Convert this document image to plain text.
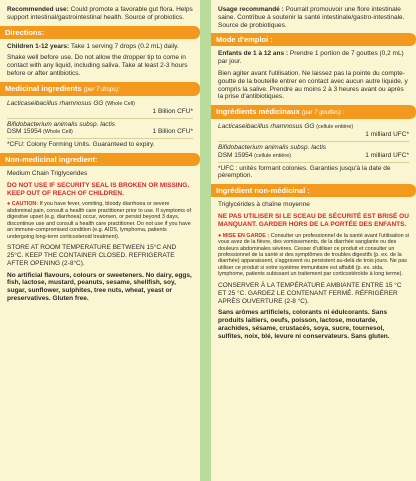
Recommended use: Could promote a favorable gut flora. Helps support intestinal/gastrointestinal health. Source of probiotics.

Directions:

Children 1-12 years: Take 1 serving 7 drops (0.2 mL) daily.

Shake well before use. Do not allow the dropper tip to come in contact with any liquid, including saliva. Take at least 2-3 hours before or after antibiotics.

Medicinal ingredients (per 7 drops):
Lacticaseibacillus rhamnosus GG (Whole Cell)
1 Billion CFU*
Bifidobacterium animalis subsp. lactis
DSM 15954 (Whole Cell)	1 Billion CFU*

*CFU: Colony Forming Units. Guaranteed to expiry.

Non-medicinal ingredient:

Medium Chain Triglycerides

DO NOT USE IF SECURITY SEAL IS BROKEN OR MISSING. KEEP OUT OF REACH OF CHILDREN.

● CAUTION: If you have fever, vomiting, bloody diarrhoea or severe abdominal pain, consult a health care practitioner prior to use. If symptoms of digestive upset (e.g. diarrhoea) occur, worsen, or persist beyond 3 days, discontinue use and consult a health care practitioner. Do not use if you have an immune-compromised condition (e.g. AIDS, lymphoma, patients undergoing long-term corticosteroid treatment).

STORE AT ROOM TEMPERATURE BETWEEN 15°C AND 25°C. KEEP THE CONTAINER CLOSED. REFRIGERATE AFTER OPENING (2-8°C).

No artificial flavours, colours or sweeteners. No dairy, eggs, fish, lactose, mustard, peanuts, sesame, shellfish, soy, sugar, sunflower, sulphites, tree nuts, wheat, yeast or preservatives. Gluten free.

Usage recommandé : Pourrait promouvoir une flore intestinale saine. Contribue à soutenir la santé intestinale/gastro-intestinale. Source de probiotiques.

Mode d'emploi :

Enfants de 1 à 12 ans : Prendre 1 portion de 7 gouttes (0,2 mL) par jour.

Bien agiter avant l'utilisation. Ne laissez pas la pointe du compte-goutte de la bouteille entrer en contact avec aucun autre liquide, y compris la salive. Prendre au moins 2 à 3 heures avant ou après la prise d'antibiotiques.

Ingrédients médicinaux (par 7 gouttes) :
Lacticaseibacillus rhamnosus GG (cellule entière)
1 milliard UFC*
Bifidobacterium animalis subsp. lactis
DSM 15954 (cellule entière)	1 milliard UFC*

*UFC : unités formant colonies. Garanties jusqu'à la date de péremption.

Ingrédient non-médicinal :

Triglycérides à chaîne moyenne

NE PAS UTILISER SI LE SCEAU DE SÉCURITÉ EST BRISÉ OU MANQUANT. GARDER HORS DE LA PORTÉE DES ENFANTS.

● MISE EN GARDE : Consulter un professionnel de la santé avant l'utilisation si vous avez de la fièvre, des vomissements, de la diarrhée sanglante ou des douleurs abdominales sévères. Cesser d'utiliser ce produit et consulter un professionnel de la santé si des symptômes de troubles digestifs (p. ex. de la diarrhée) apparaissent, s'aggravent ou persistent au-delà de trois jours. Ne pas utiliser ce produit si votre système immunitaire est affaibli (p. ex. sida, lymphome, patients subissant un traitement par corticostéroïde à long terme).

CONSERVER À LA TEMPÉRATURE AMBIANTE ENTRE 15 °C ET 25 °C. GARDEZ LE CONTENANT FERMÉ. RÉFRIGÉRER APRÈS OUVERTURE (2-8 °C).

Sans arômes artificiels, colorants ni édulcorants. Sans produits laitiers, oeufs, poisson, lactose, moutarde, arachides, sésame, crustacés, soya, sucre, tournesol, sulfites, noix, blé, levure ni conservateurs. Sans gluten.
